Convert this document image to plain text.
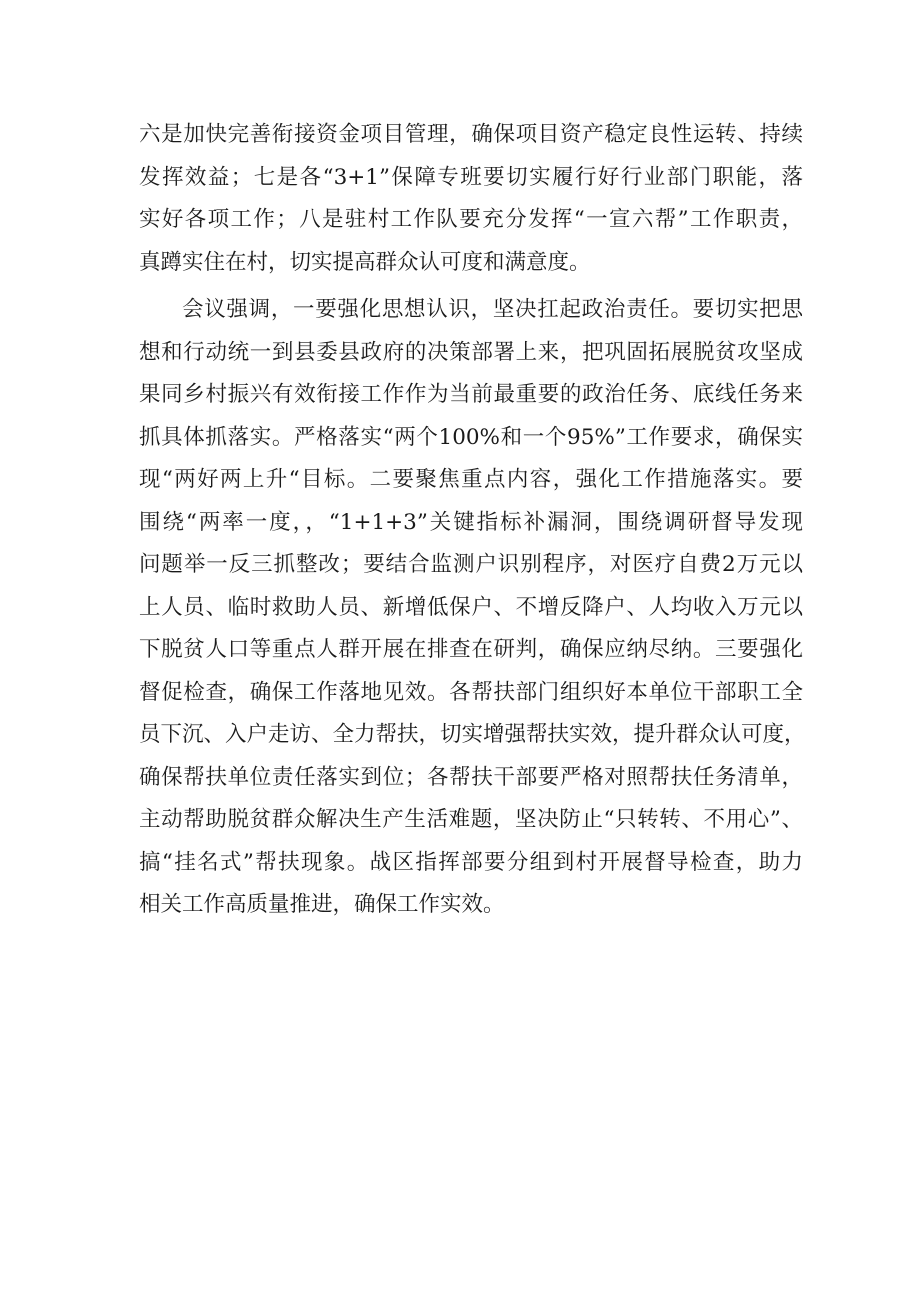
六是加快完善衔接资金项目管理，确保项目资产稳定良性运转、持续
发挥效益；七是各“3+1”保障专班要切实履行好行业部门职能，落
实好各项工作；八是驻村工作队要充分发挥“一宣六帮”工作职责，
真蹲实住在村，切实提高群众认可度和满意度。
会议强调，一要强化思想认识，坚决扛起政治责任。要切实把思
想和行动统一到县委县政府的决策部署上来，把巩固拓展脱贫攻坚成
果同乡村振兴有效衔接工作作为当前最重要的政治任务、底线任务来
抓具体抓落实。严格落实“两个100%和一个95%”工作要求，确保实
现“两好两上升“目标。二要聚焦重点内容，强化工作措施落实。要
围绕“两率一度，，“1+1+3”关键指标补漏洞，围绕调研督导发现
问题举一反三抓整改；要结合监测户识别程序，对医疗自费2万元以
上人员、临时救助人员、新增低保户、不增反降户、人均收入万元以
下脱贫人口等重点人群开展在排查在研判，确保应纳尽纳。三要强化
督促检查，确保工作落地见效。各帮扶部门组织好本单位干部职工全
员下沉、入户走访、全力帮扶，切实增强帮扶实效，提升群众认可度，
确保帮扶单位责任落实到位；各帮扶干部要严格对照帮扶任务清单，
主动帮助脱贫群众解决生产生活难题，坚决防止“只转转、不用心”、
搞“挂名式”帮扶现象。战区指挥部要分组到村开展督导检查，助力
相关工作高质量推进，确保工作实效。
